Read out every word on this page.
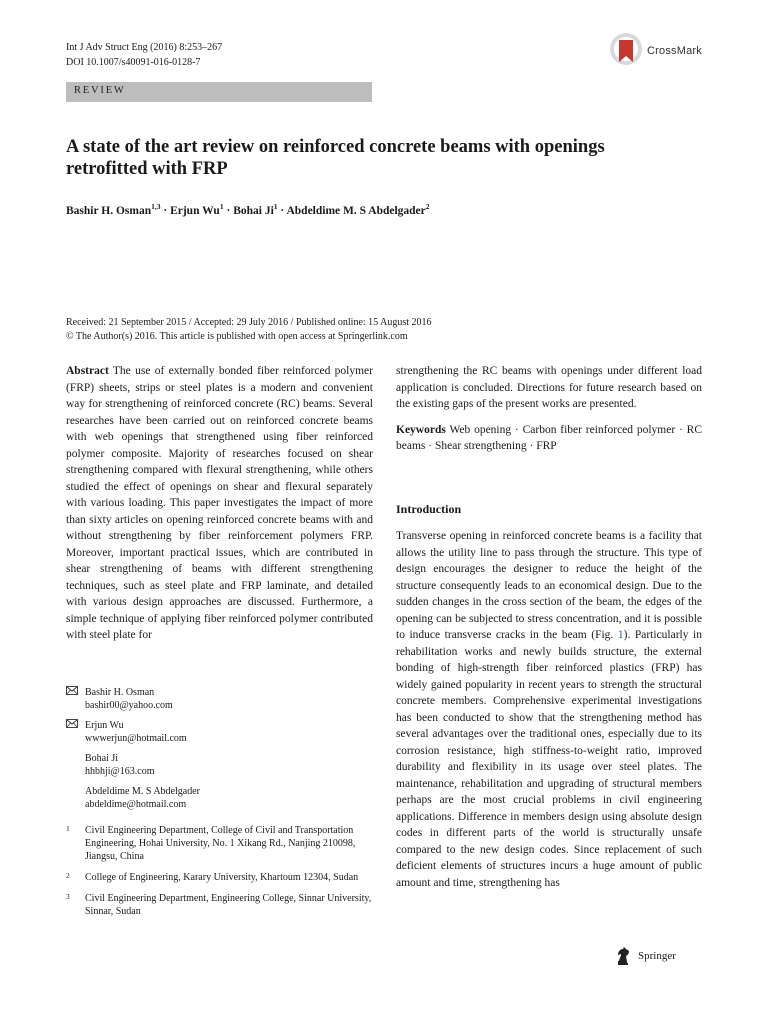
Int J Adv Struct Eng (2016) 8:253–267
DOI 10.1007/s40091-016-0128-7
CrossMark
REVIEW
A state of the art review on reinforced concrete beams with openings retrofitted with FRP
Bashir H. Osman$^{1,3}$ · Erjun $Wu^1$ · Bohai $Ji^1$ · Abdeldime M. S Abdelgader$^2$
Received: 21 September 2015 / Accepted: 29 July 2016 / Published online: 15 August 2016
© The Author(s) 2016. This article is published with open access at Springerlink.com
Abstract The use of externally bonded fiber reinforced polymer (FRP) sheets, strips or steel plates is a modern and convenient way for strengthening of reinforced concrete (RC) beams. Several researches have been carried out on reinforced concrete beams with web openings that strengthened using fiber reinforced polymer composite. Majority of researches focused on shear strengthening compared with flexural strengthening, while others studied the effect of openings on shear and flexural separately with various loading. This paper investigates the impact of more than sixty articles on opening reinforced concrete beams with and without strengthening by fiber reinforcement polymers FRP. Moreover, important practical issues, which are contributed in shear strengthening of beams with different strengthening techniques, such as steel plate and FRP laminate, and detailed with various design approaches are discussed. Furthermore, a simple technique of applying fiber reinforced polymer contributed with steel plate for
strengthening the RC beams with openings under different load application is concluded. Directions for future research based on the existing gaps of the present works are presented.
Keywords Web opening · Carbon fiber reinforced polymer · RC beams · Shear strengthening · FRP
Introduction
Transverse opening in reinforced concrete beams is a facility that allows the utility line to pass through the structure. This type of design encourages the designer to reduce the height of the structure consequently leads to an economical design. Due to the sudden changes in the cross section of the beam, the edges of the opening can be subjected to stress concentration, and it is possible to induce transverse cracks in the beam (Fig. 1). Particularly in rehabilitation works and newly builds structure, the external bonding of high-strength fiber reinforced plastics (FRP) has widely gained popularity in recent years to strength the structural concrete members. Comprehensive experimental investigations has been conducted to show that the strengthening method has several advantages over the traditional ones, especially due to its corrosion resistance, high stiffness-to-weight ratio, improved durability and flexibility in its usage over steel plates. The maintenance, rehabilitation and upgrading of structural members perhaps are the most crucial problems in civil engineering applications. Difference in members design using absolute design codes in different parts of the world is structurally unsafe compared to the new design codes. Since replacement of such deficient elements of structures incurs a huge amount of public amount and time, strengthening has
Bashir H. Osman
bashir00@yahoo.com
Erjun Wu
wwwerjun@hotmail.com
Bohai Ji
hhbhji@163.com
Abdeldime M. S Abdelgader
abdeldime@hotmail.com
1	Civil Engineering Department, College of Civil and Transportation Engineering, Hohai University, No. 1 Xikang Rd., Nanjing 210098, Jiangsu, China
2	College of Engineering, Karary University, Khartoum 12304, Sudan
3	Civil Engineering Department, Engineering College, Sinnar University, Sinnar, Sudan
Springer
